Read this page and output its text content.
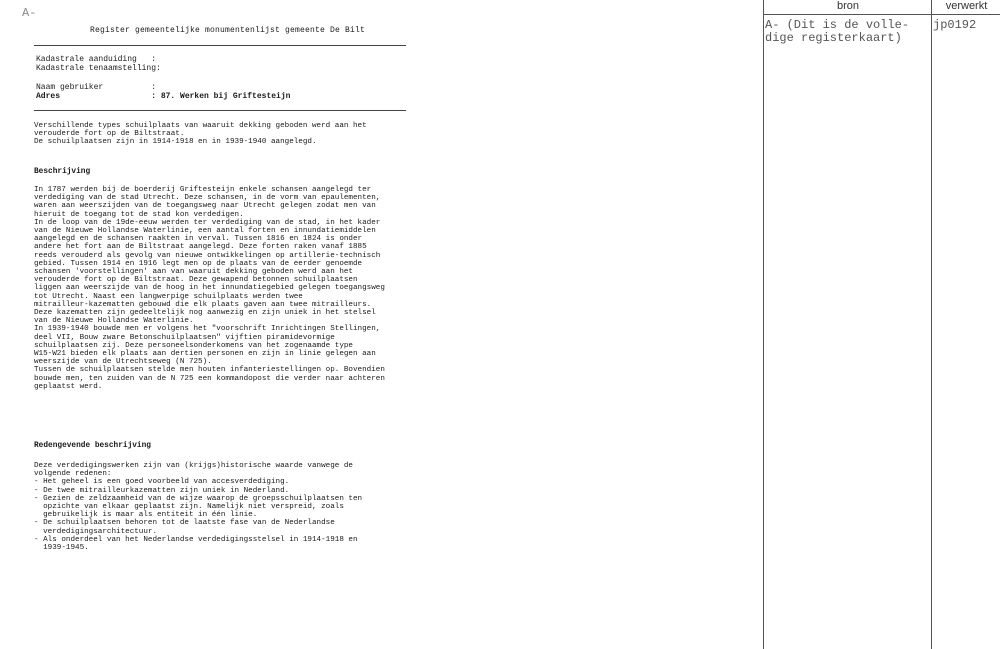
A-
Register gemeentelijke monumentenlijst gemeente De Bilt
Kadastrale aanduiding   :
Kadastrale tenaamstelling:
Naam gebruiker          :
Adres                   : 87. Werken bij Griftesteijn

Verschillende types schuilplaats van waaruit dekking geboden werd aan het

verouderde fort op de Biltstraat.

De schuilplaatsen zijn in 1914-1918 en in 1939-1940 aangelegd.

Beschrijving

In 1787 werden bij de boerderij Griftesteijn enkele schansen aangelegd ter

verdediging van de stad Utrecht. Deze schansen, in de vorm van epaulementen,

waren aan weerszijden van de toegangsweg naar Utrecht gelegen zodat men van

hieruit de toegang tot de stad kon verdedigen.

In de loop van de 19de-eeuw werden ter verdediging van de stad, in het kader

van de Nieuwe Hollandse Waterlinie, een aantal forten en innundatiemiddelen

aangelegd en de schansen raakten in verval. Tussen 1816 en 1824 is onder

andere het fort aan de Biltstraat aangelegd. Deze forten raken vanaf 1885

reeds verouderd als gevolg van nieuwe ontwikkelingen op artillerie-technisch

gebied. Tussen 1914 en 1916 legt men op de plaats van de eerder genoemde

schansen 'voorstellingen' aan van waaruit dekking geboden werd aan het

verouderde fort op de Biltstraat. Deze gewapend betonnen schuilplaatsen

liggen aan weerszijde van de hoog in het innundatiegebied gelegen toegangsweg

tot Utrecht. Naast een langwerpige schuilplaats werden twee

mitrailleur-kazematten gebouwd die elk plaats gaven aan twee mitrailleurs.

Deze kazematten zijn gedeeltelijk nog aanwezig en zijn uniek in het stelsel

van de Nieuwe Hollandse Waterlinie.

In 1939-1940 bouwde men er volgens het "voorschrift Inrichtingen Stellingen,

deel VII, Bouw zware Betonschuilplaatsen" vijftien piramidevormige

schuilplaatsen zij. Deze personeelsonderkomens van het zogenaamde type

W15-W21 bieden elk plaats aan dertien personen en zijn in linie gelegen aan

weerszijde van de Utrechtseweg (N 725).

Tussen de schuilplaatsen stelde men houten infanteriestellingen op. Bovendien

bouwde men, ten zuiden van de N 725 een kommandopost die verder naar achteren

geplaatst werd.

Redengevende beschrijving

Deze verdedigingswerken zijn van (krijgs)historische waarde vanwege de

volgende redenen:

- Het geheel is een goed voorbeeld van accesverdediging.

- De twee mitrailleurkazematten zijn uniek in Nederland.

- Gezien de zeldzaamheid van de wijze waarop de groepsschuilplaatsen ten

opzichte van elkaar geplaatst zijn. Namelijk niet verspreid, zoals

gebruikelijk is maar als entiteit in één linie.

- De schuilplaatsen behoren tot de laatste fase van de Nederlandse

verdedigingsarchitectuur.

- Als onderdeel van het Nederlandse verdedigingsstelsel in 1914-1918 en

1939-1945.

bron
A- (Dit is de volle-
dige registerkaart)
verwerkt
jp0192
